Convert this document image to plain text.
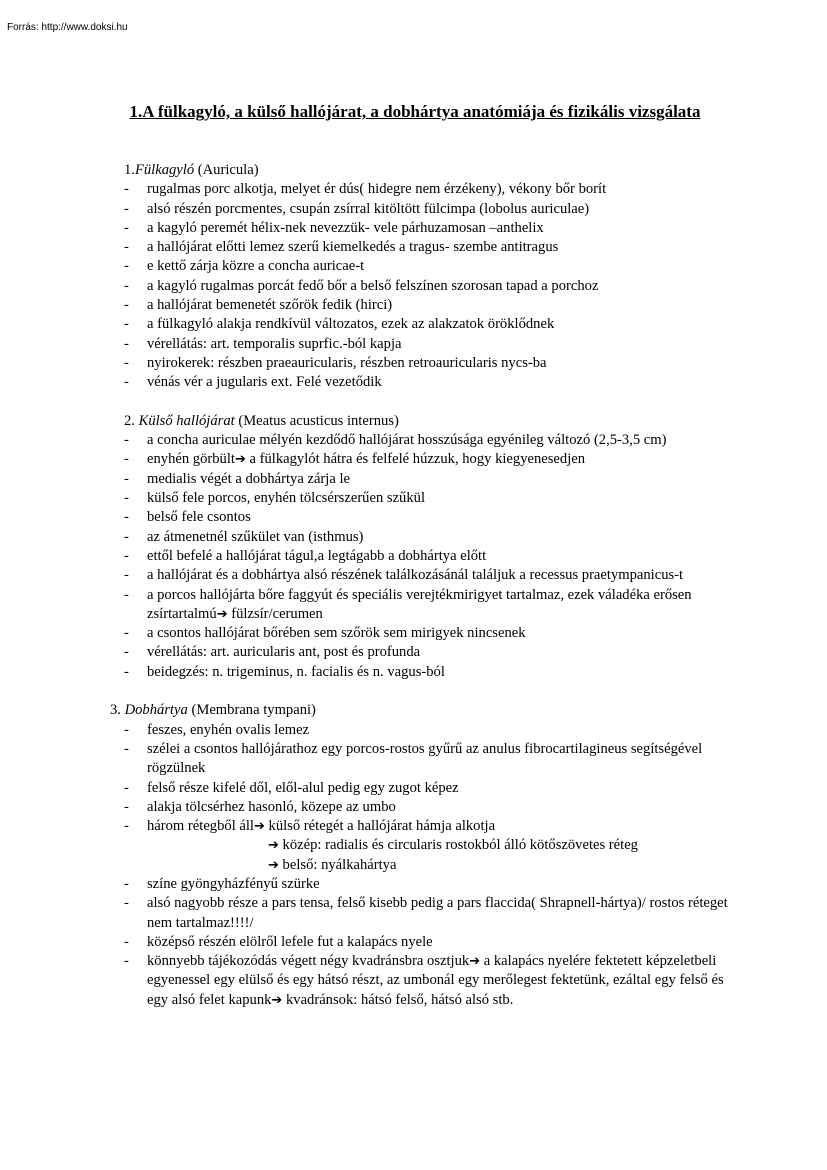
Forrás: http://www.doksi.hu
1.A fülkagyló, a külső hallójárat, a dobhártya anatómiája és fizikális vizsgálata
1.Fülkagyló (Auricula)
-	rugalmas porc alkotja, melyet ér dús( hidegre nem érzékeny), vékony bőr borít
-	alsó részén porcmentes, csupán zsírral kitöltött fülcimpa (lobolus auriculae)
-	a kagyló peremét hélix-nek nevezzük- vele párhuzamosan –anthelix
-	a hallójárat előtti lemez szerű kiemelkedés a tragus- szembe antitragus
-	e kettő zárja közre a concha auricae-t
-	a kagyló rugalmas porcát fedő bőr a belső felszínen szorosan tapad a porchoz
-	a hallójárat bemenetét szőrök fedik (hirci)
-	a fülkagyló alakja rendkívül változatos, ezek az alakzatok öröklődnek
-	vérellátás: art. temporalis suprfic.-ból kapja
-	nyirokerek: részben praeauricularis, részben retroauricularis nycs-ba
-	vénás vér a jugularis ext. Felé vezetődik
2. Külső hallójárat (Meatus acusticus internus)
-	a concha auriculae mélyén kezdődő hallójárat hosszúsága egyénileg változó (2,5-3,5 cm)
-	enyhén görbült➔ a fülkagylót hátra és felfelé húzzuk, hogy kiegyenesedjen
-	medialis végét a dobhártya zárja le
-	külső fele porcos, enyhén tölcsérszerűen szűkül
-	belső fele csontos
-	az átmenetnél szűkület van (isthmus)
-	ettől befelé a hallójárat tágul,a legtágabb a dobhártya előtt
-	a hallójárat és a dobhártya alsó részének találkozásánál találjuk a recessus praetympanicus-t
-	a porcos hallójárta bőre faggyút és speciális verejtékmirigyet tartalmaz, ezek váladéka erősen zsírtartalmú➔ fülzsír/cerumen
-	a csontos hallójárat bőrében sem szőrök sem mirigyek nincsenek
-	vérellátás: art. auricularis ant, post és profunda
-	beidegzés: n. trigeminus, n. facialis és n. vagus-ból
3. Dobhártya (Membrana tympani)
-	feszes, enyhén ovalis lemez
-	szélei a csontos hallójárathoz egy porcos-rostos gyűrű az anulus fibrocartilagineus segítségével rögzülnek
-	felső része kifelé dől, elől-alul pedig egy zugot képez
-	alakja tölcsérhez hasonló, közepe az umbo
-	három rétegből áll➔ külső rétegét a hallójárat hámja alkotja
➔ közép: radialis és circularis rostokból álló kötőszövetes réteg
➔ belső: nyálkahártya
-	színe gyöngyházfényű szürke
-	alsó nagyobb része a pars tensa, felső kisebb pedig a pars flaccida( Shrapnell-hártya)/ rostos réteget nem tartalmaz!!!!/
-	középső részén elölről lefele fut a kalapács nyele
-	könnyebb tájékozódás végett négy kvadránsbra osztjuk➔ a kalapács nyelére fektetett képzeletbeli egyenessel egy elülső és egy hátsó részt, az umbonál egy merőlegest fektetünk, ezáltal egy felső és egy alsó felet kapunk➔ kvadránsok: hátsó felső, hátsó alsó stb.
